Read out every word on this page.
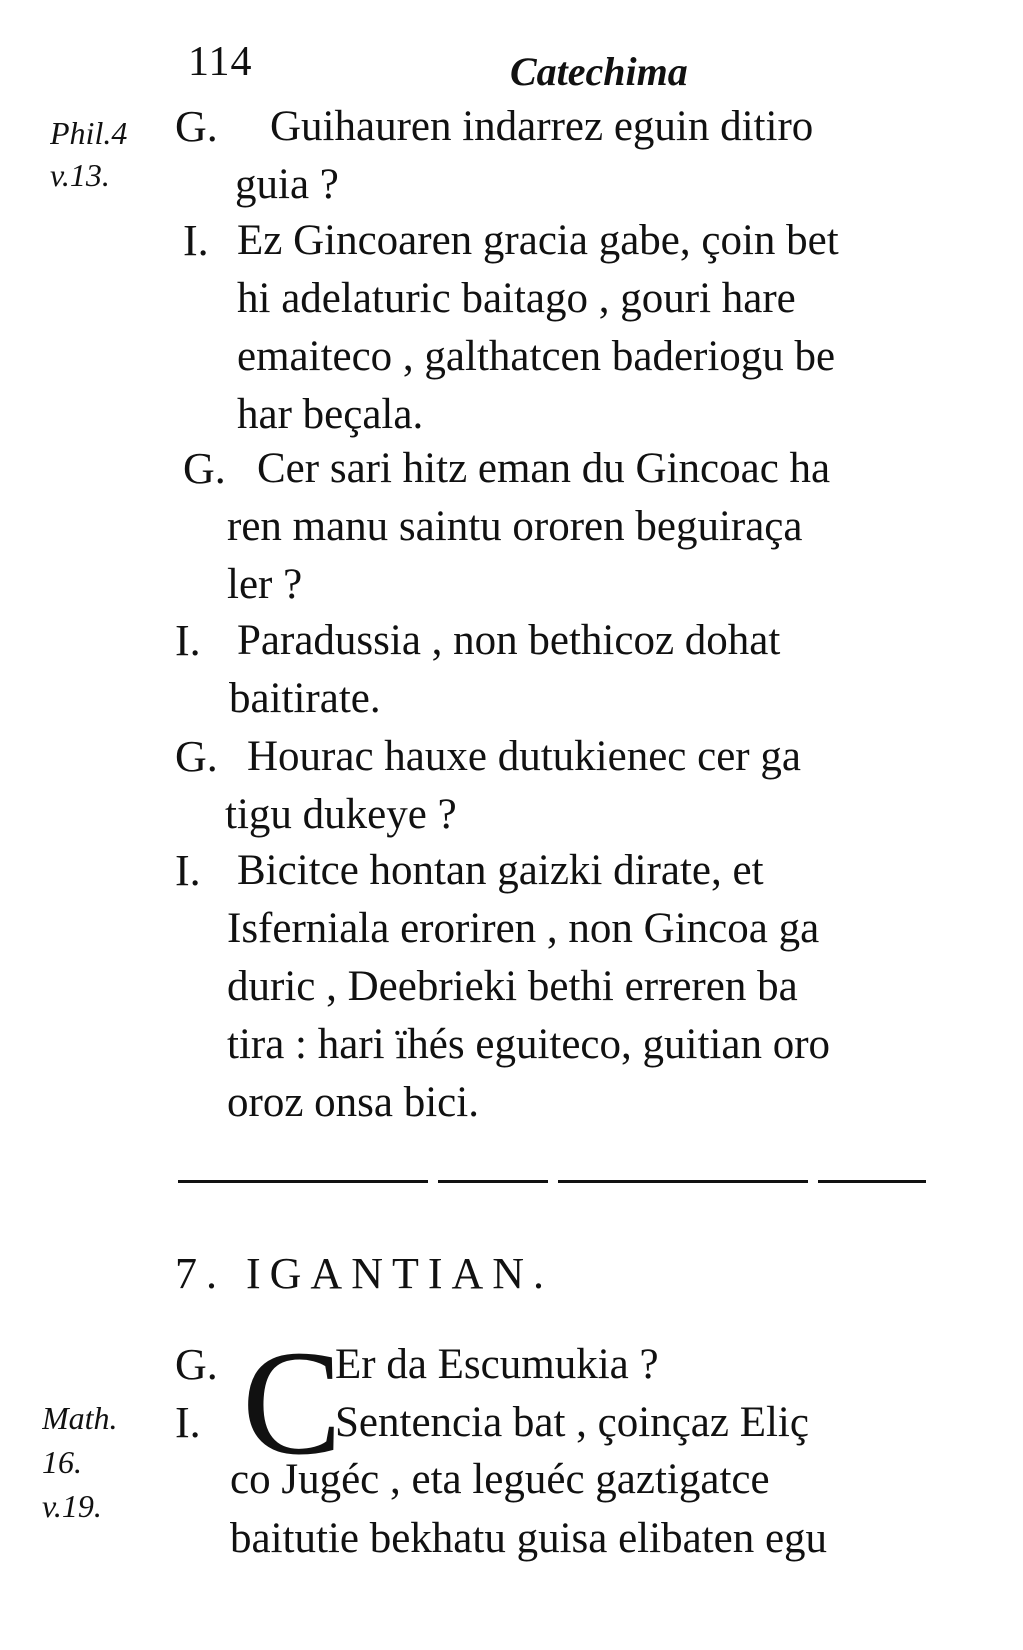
114	Catechima
Phil.4
v.13.
G. Guihauren indarrez eguin ditiro
guia ?
I. Ez Gincoaren gracia gabe, çoin bet
hi adelaturic baitago , gouri hare
emaiteco , galthatcen baderiogu be
har beçala.
G. Cer sari hitz eman du Gincoac ha
ren manu saintu ororen beguiraça
ler ?
I. Paradussia , non bethicoz dohat
baitirate.
G. Hourac hauxe dutukienec cer ga
tigu dukeye ?
I. Bicitce hontan gaizki dirate, et
Isferniala eroriren , non Gincoa ga
duric , Deebrieki bethi erreren ba
tira : hari ïhés eguiteco, guitian oro
oroz onsa bici.
7. IGANTIAN.
Math.
16.
v.19.
G.	Er da Escumukia ?
C
I.	Sentencia bat , çoinçaz Eliç
co Jugéc , eta leguéc gaztigatce
baitutie bekhatu guisa elibaten egu
